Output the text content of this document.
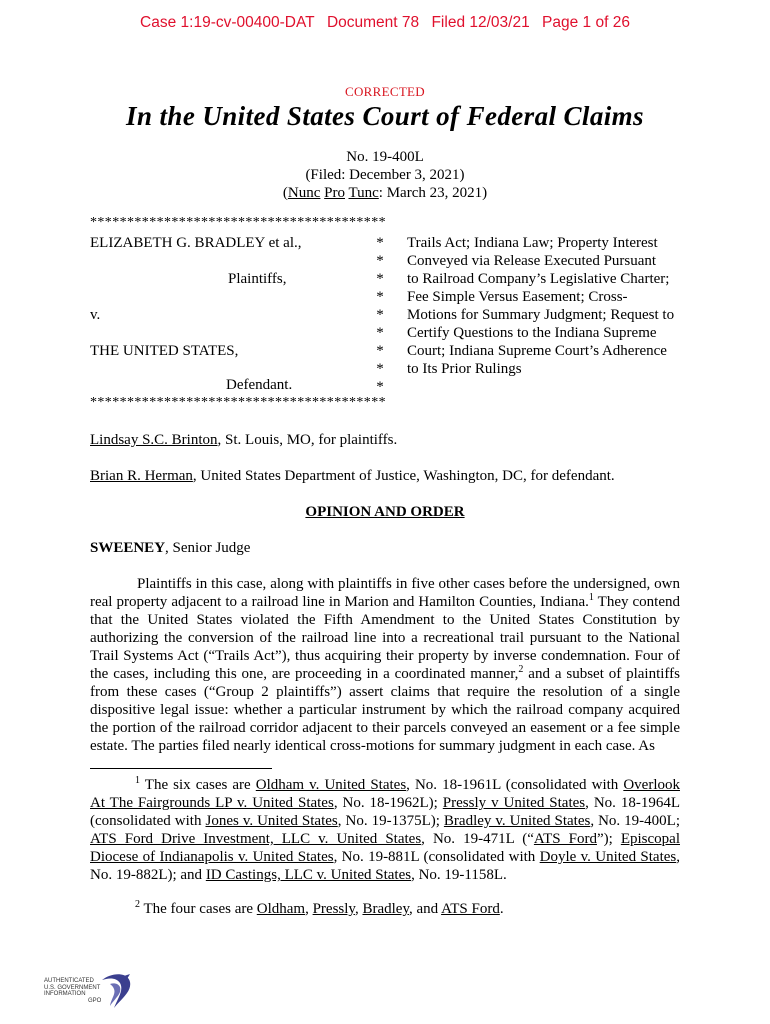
Case 1:19-cv-00400-DAT Document 78 Filed 12/03/21 Page 1 of 26
CORRECTED
In the United States Court of Federal Claims
No. 19-400L
(Filed: December 3, 2021)
(Nunc Pro Tunc: March 23, 2021)
****************************************
ELIZABETH G. BRADLEY et al.,
Plaintiffs,
v.
THE UNITED STATES,
Defendant.
*
*
*
*
*
*
*
*
*
Trails Act; Indiana Law; Property Interest
Conveyed via Release Executed Pursuant
to Railroad Company’s Legislative Charter;
Fee Simple Versus Easement; Cross-
Motions for Summary Judgment; Request to
Certify Questions to the Indiana Supreme
Court; Indiana Supreme Court’s Adherence
to Its Prior Rulings
****************************************
Lindsay S.C. Brinton, St. Louis, MO, for plaintiffs.
Brian R. Herman, United States Department of Justice, Washington, DC, for defendant.
OPINION AND ORDER
SWEENEY, Senior Judge
Plaintiffs in this case, along with plaintiffs in five other cases before the undersigned, own real property adjacent to a railroad line in Marion and Hamilton Counties, Indiana.$^1$ They contend that the United States violated the Fifth Amendment to the United States Constitution by authorizing the conversion of the railroad line into a recreational trail pursuant to the National Trail Systems Act (“Trails Act”), thus acquiring their property by inverse condemnation. Four of the cases, including this one, are proceeding in a coordinated manner,$^2$ and a subset of plaintiffs from these cases (“Group 2 plaintiffs”) assert claims that require the resolution of a single dispositive legal issue: whether a particular instrument by which the railroad company acquired the portion of the railroad corridor adjacent to their parcels conveyed an easement or a fee simple estate. The parties filed nearly identical cross-motions for summary judgment in each case. As
$^1$ The six cases are Oldham v. United States, No. 18-1961L (consolidated with Overlook At The Fairgrounds LP v. United States, No. 18-1962L); Pressly v United States, No. 18-1964L (consolidated with Jones v. United States, No. 19-1375L); Bradley v. United States, No. 19-400L; ATS Ford Drive Investment, LLC v. United States, No. 19-471L (“ATS Ford”); Episcopal Diocese of Indianapolis v. United States, No. 19-881L (consolidated with Doyle v. United States, No. 19-882L); and ID Castings, LLC v. United States, No. 19-1158L.
$^2$ The four cases are Oldham, Pressly, Bradley, and ATS Ford.
AUTHENTICATED
U.S. GOVERNMENT
INFORMATION
GPO
